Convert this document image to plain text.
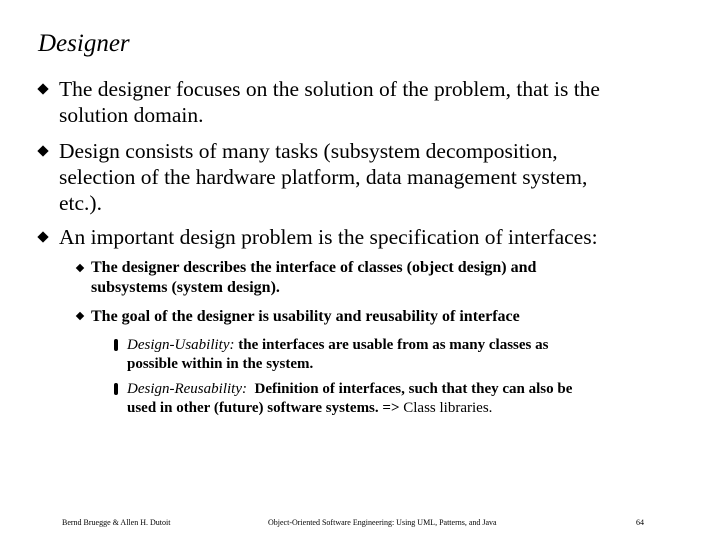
Designer
The designer focuses on the solution of the problem, that is the
solution domain.
Design consists of many tasks (subsystem decomposition,
selection of the hardware platform, data management system,
etc.).
An important design problem is the specification of interfaces:
The designer describes the interface of classes (object design) and
subsystems (system design).
The goal of the designer is usability and reusability of interface
Design-Usability: the interfaces are usable from as many classes as
possible within in the system.
Design-Reusability: Definition of interfaces, such that they can also be
used in other (future) software systems. => Class libraries.
Bernd Bruegge & Allen H. Dutoit	Object-Oriented Software Engineering: Using UML, Patterns, and Java	64
